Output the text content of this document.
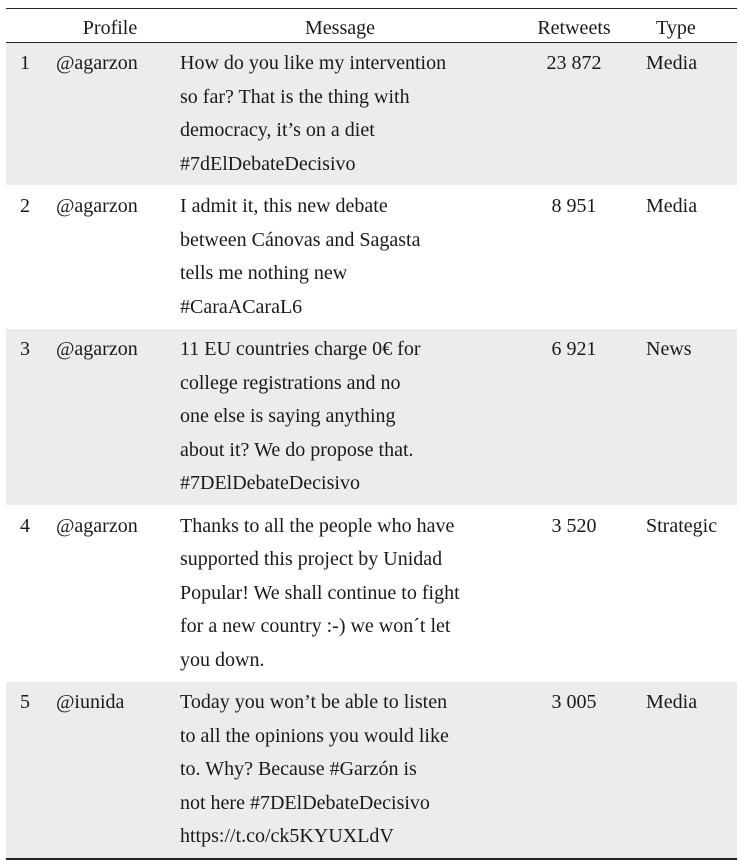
	Profile	Message	Retweets	Type
1	@agarzon	How do you like my intervention
so far? That is the thing with
democracy, it’s on a diet
#7dElDebateDecisivo	23 872	Media
2	@agarzon	I admit it, this new debate
between Cánovas and Sagasta
tells me nothing new
#CaraACaraL6	8 951	Media
3	@agarzon	11 EU countries charge 0€ for
college registrations and no
one else is saying anything
about it? We do propose that.
#7DElDebateDecisivo	6 921	News
4	@agarzon	Thanks to all the people who have
supported this project by Unidad
Popular! We shall continue to fight
for a new country :-) we won´t let
you down.	3 520	Strategic
5	@iunida	Today you won’t be able to listen
to all the opinions you would like
to. Why? Because #Garzón is
not here #7DElDebateDecisivo
https://t.co/ck5KYUXLdV	3 005	Media
